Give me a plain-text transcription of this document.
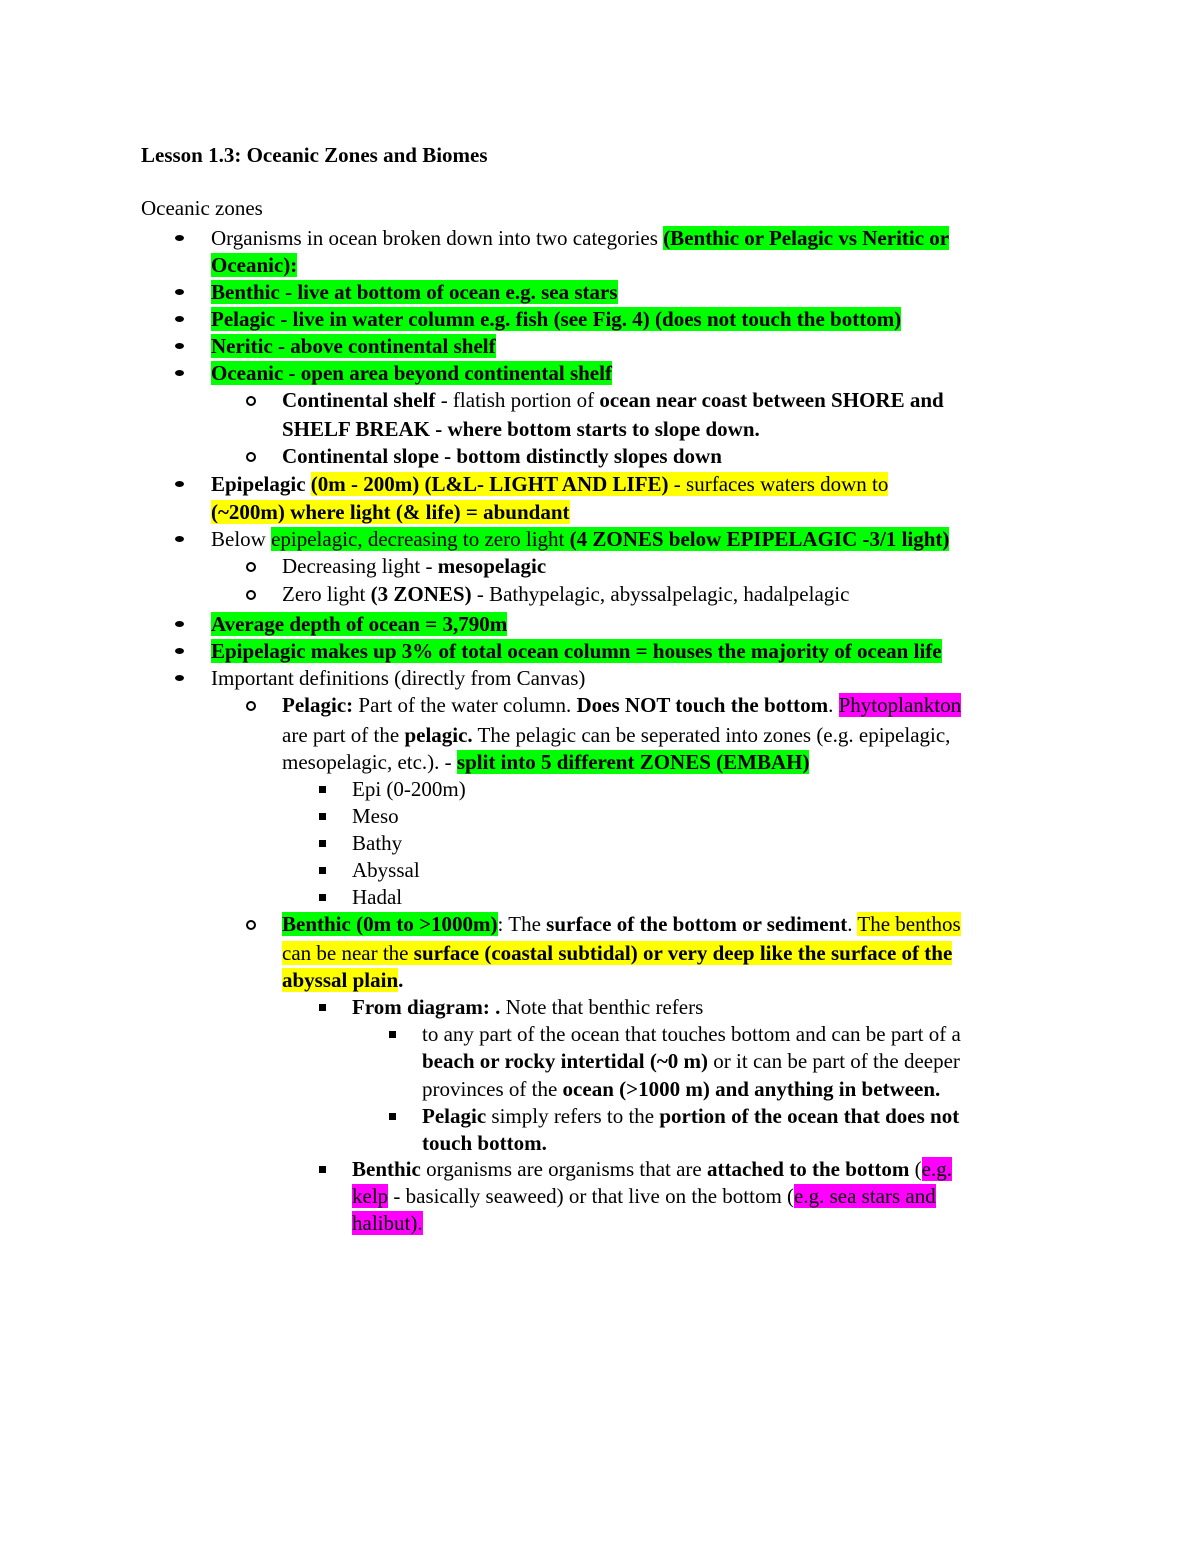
Lesson 1.3: Oceanic Zones and Biomes
Oceanic zones
Organisms in ocean broken down into two categories (Benthic or Pelagic vs Neritic or
Oceanic):
Benthic - live at bottom of ocean e.g. sea stars
Pelagic - live in water column e.g. fish (see Fig. 4) (does not touch the bottom)
Neritic - above continental shelf
Oceanic - open area beyond continental shelf
Continental shelf - flatish portion of ocean near coast between SHORE and
SHELF BREAK - where bottom starts to slope down.
Continental slope - bottom distinctly slopes down
Epipelagic (0m - 200m) (L&L- LIGHT AND LIFE) - surfaces waters down to
(~200m) where light (& life) = abundant
Below epipelagic, decreasing to zero light (4 ZONES below EPIPELAGIC -3/1 light)
Decreasing light - mesopelagic
Zero light (3 ZONES) - Bathypelagic, abyssalpelagic, hadalpelagic
Average depth of ocean = 3,790m
Epipelagic makes up 3% of total ocean column = houses the majority of ocean life
Important definitions (directly from Canvas)
Pelagic: Part of the water column. Does NOT touch the bottom. Phytoplankton
are part of the pelagic. The pelagic can be seperated into zones (e.g. epipelagic,
mesopelagic, etc.). - split into 5 different ZONES (EMBAH)
Epi (0-200m)
Meso
Bathy
Abyssal
Hadal
Benthic (0m to >1000m): The surface of the bottom or sediment. The benthos
can be near the surface (coastal subtidal) or very deep like the surface of the
abyssal plain.
From diagram: . Note that benthic refers
to any part of the ocean that touches bottom and can be part of a
beach or rocky intertidal (~0 m) or it can be part of the deeper
provinces of the ocean (>1000 m) and anything in between.
Pelagic simply refers to the portion of the ocean that does not
touch bottom.
Benthic organisms are organisms that are attached to the bottom (e.g.
kelp - basically seaweed) or that live on the bottom (e.g. sea stars and
halibut).
